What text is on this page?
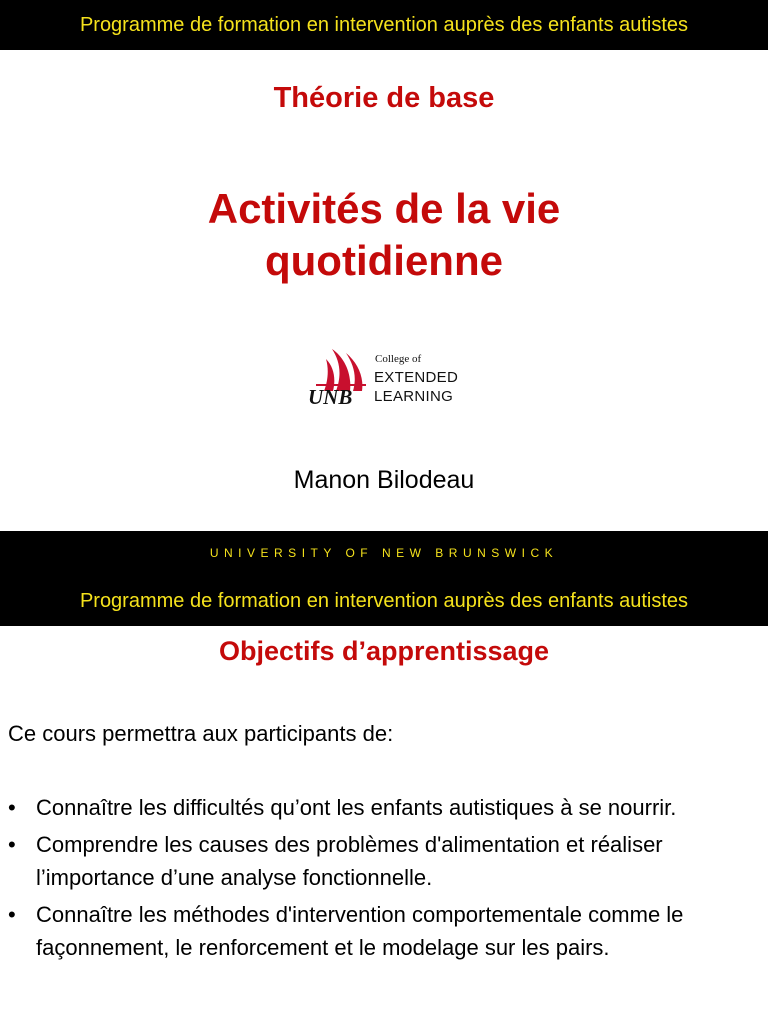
Programme de formation en intervention auprès des enfants autistes
Théorie de base
Activités de la vie
quotidienne
UNB
College of
EXTENDED
LEARNING
Manon Bilodeau
UNIVERSITY OF NEW BRUNSWICK
Programme de formation en intervention auprès des enfants autistes
Objectifs d’apprentissage
Ce cours permettra aux participants de:
• Connaître les difficultés qu’ont les enfants autistiques à se nourrir.
• Comprendre les causes des problèmes d'alimentation et réaliser l’importance d’une analyse fonctionnelle.
• Connaître les méthodes d'intervention comportementale comme le façonnement, le renforcement et le modelage sur les pairs.
